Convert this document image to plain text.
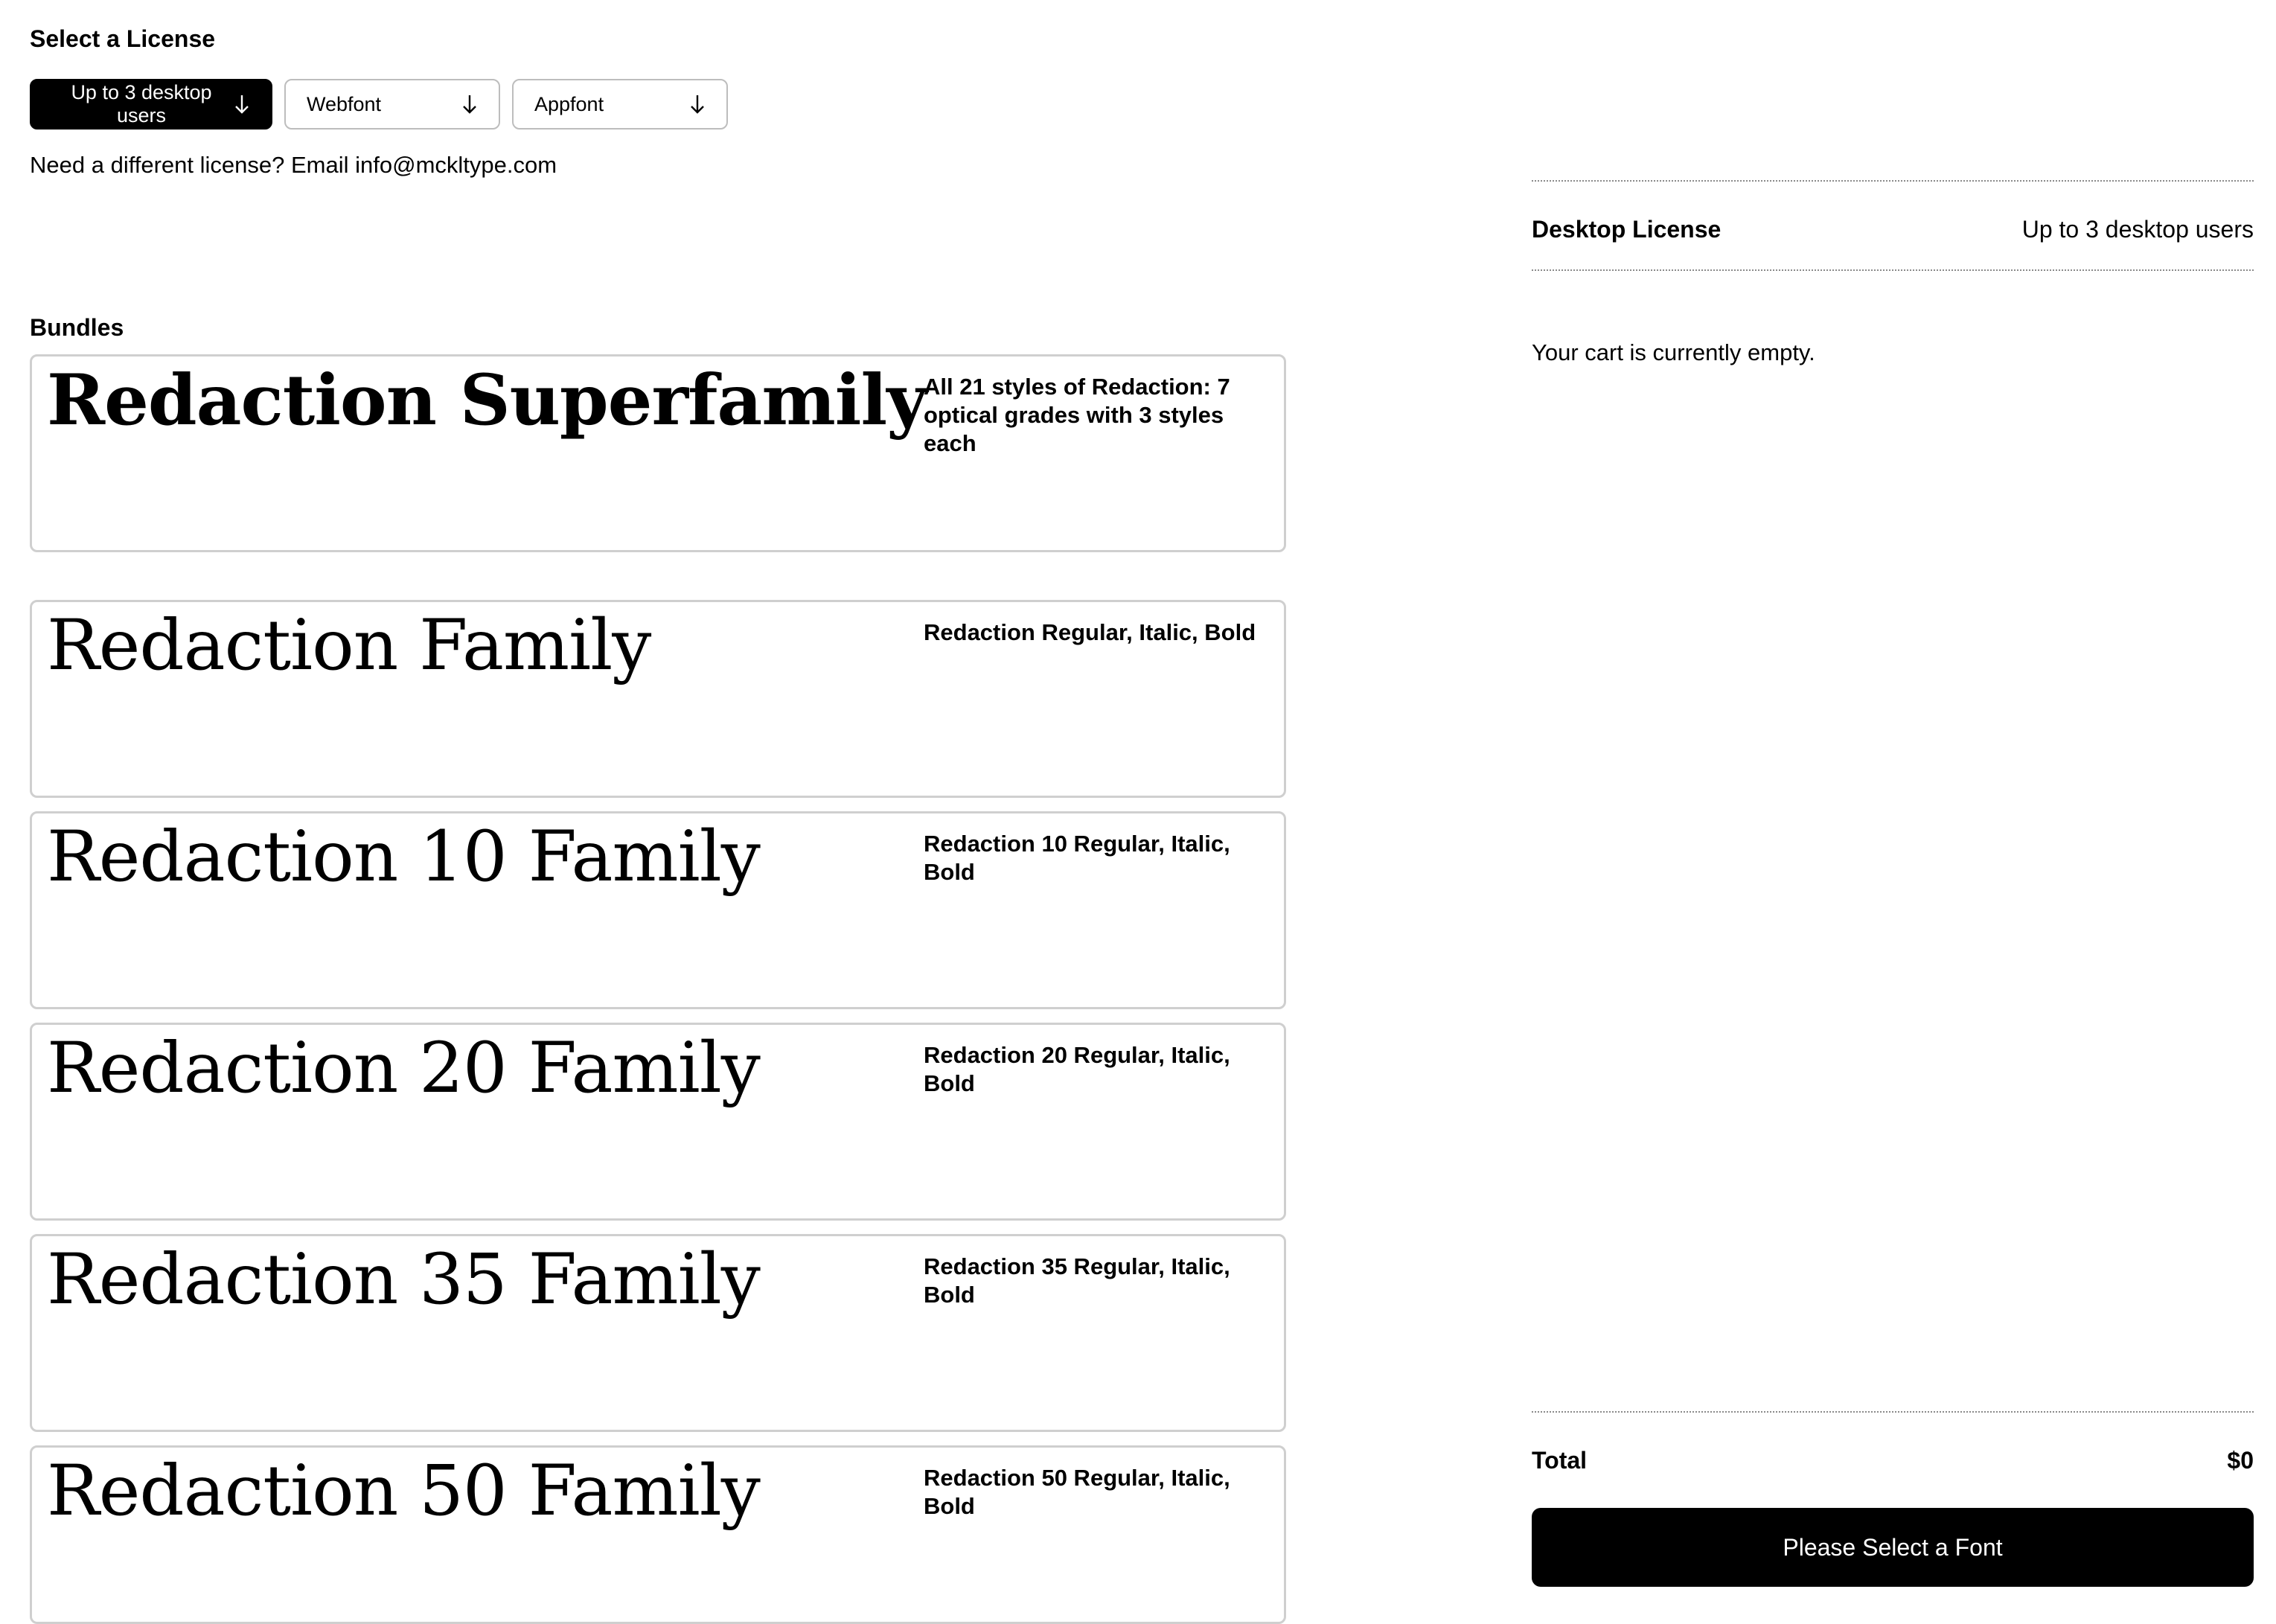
Select a License
Up to 3 desktop users
Webfont	Appfont
Need a different license? Email info@mckltype.com
Bundles
Redaction Superfamily
All 21 styles of Redaction: 7 optical grades with 3 styles each
Redaction Family	Redaction Regular, Italic, Bold
Redaction 10 Family	Redaction 10 Regular, Italic, Bold
Redaction 20 Family	Redaction 20 Regular, Italic, Bold
Redaction 35 Family	Redaction 35 Regular, Italic, Bold
Redaction 50 Family	Redaction 50 Regular, Italic, Bold
Desktop License	Up to 3 desktop users
Your cart is currently empty.
Total	$0
Please Select a Font
